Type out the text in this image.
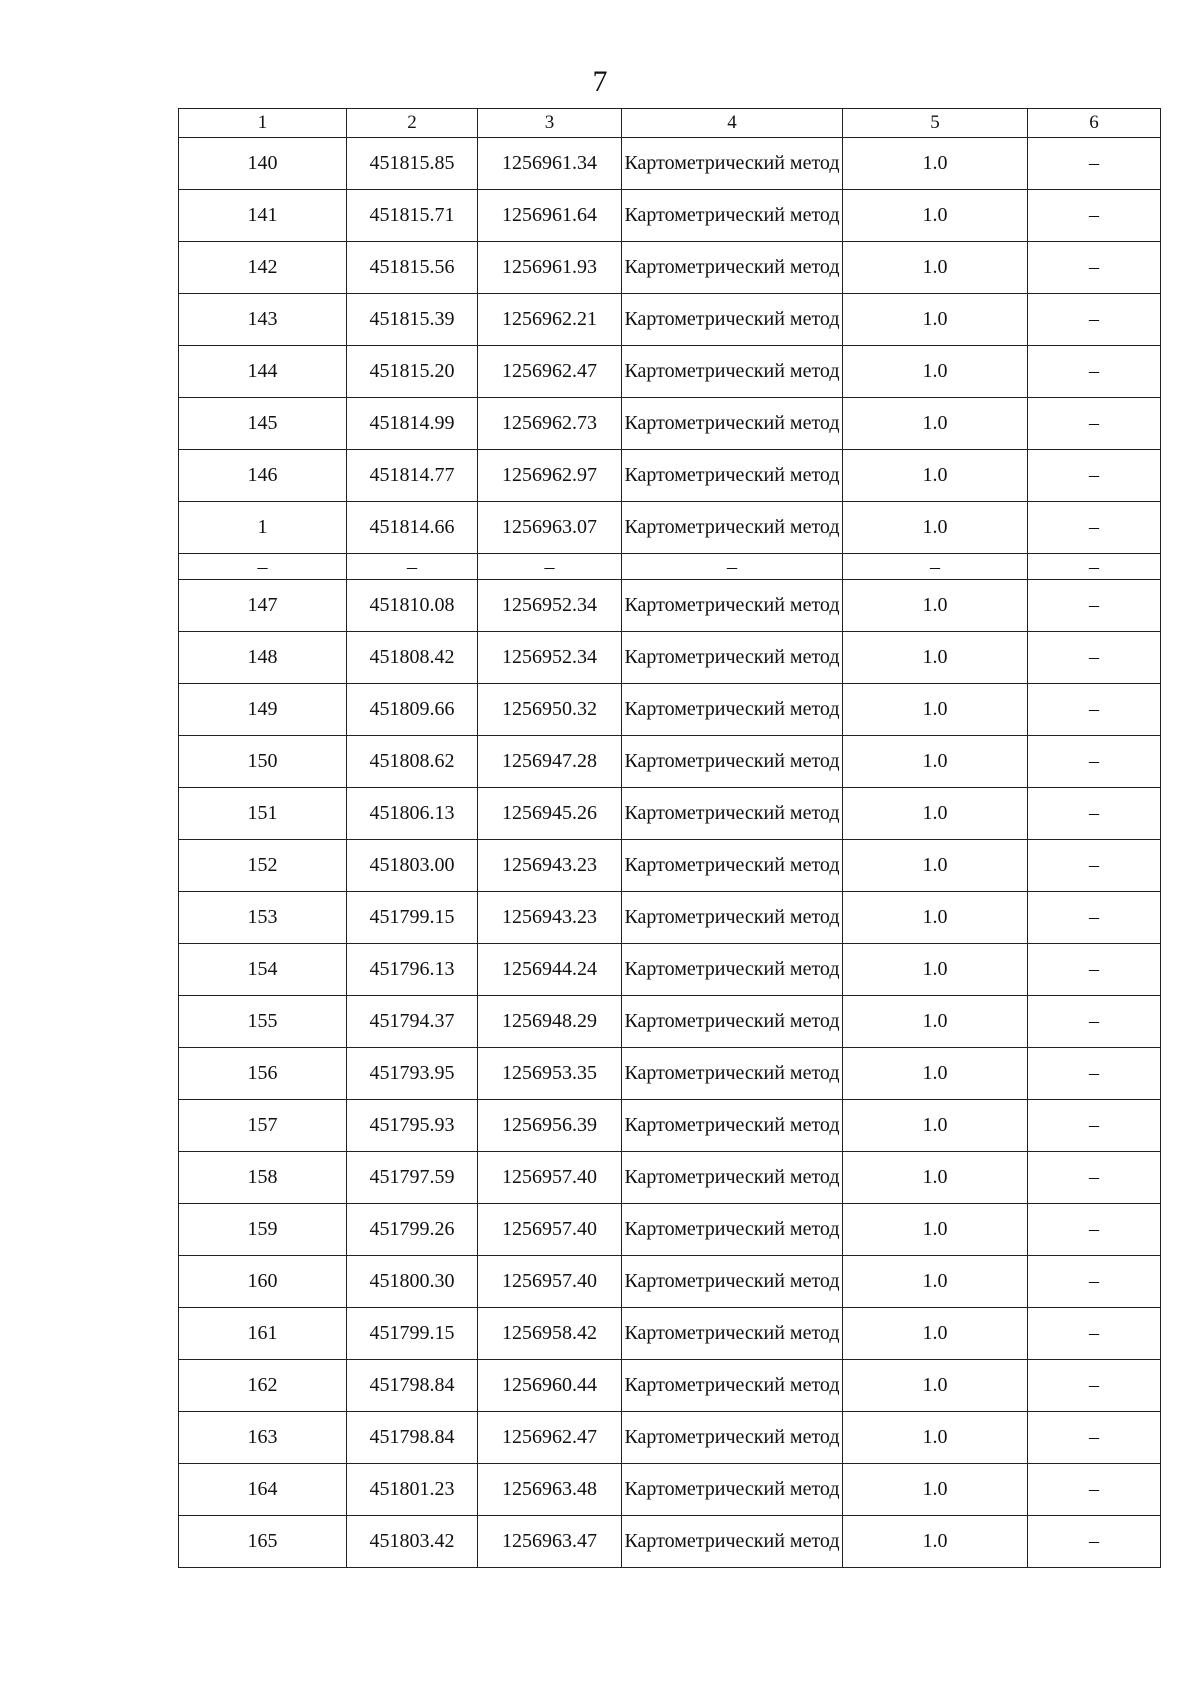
7
1	2	3	4	5	6
140	451815.85	1256961.34	Картометрический метод	1.0	–
141	451815.71	1256961.64	Картометрический метод	1.0	–
142	451815.56	1256961.93	Картометрический метод	1.0	–
143	451815.39	1256962.21	Картометрический метод	1.0	–
144	451815.20	1256962.47	Картометрический метод	1.0	–
145	451814.99	1256962.73	Картометрический метод	1.0	–
146	451814.77	1256962.97	Картометрический метод	1.0	–
1	451814.66	1256963.07	Картометрический метод	1.0	–
–	–	–	–	–	–
147	451810.08	1256952.34	Картометрический метод	1.0	–
148	451808.42	1256952.34	Картометрический метод	1.0	–
149	451809.66	1256950.32	Картометрический метод	1.0	–
150	451808.62	1256947.28	Картометрический метод	1.0	–
151	451806.13	1256945.26	Картометрический метод	1.0	–
152	451803.00	1256943.23	Картометрический метод	1.0	–
153	451799.15	1256943.23	Картометрический метод	1.0	–
154	451796.13	1256944.24	Картометрический метод	1.0	–
155	451794.37	1256948.29	Картометрический метод	1.0	–
156	451793.95	1256953.35	Картометрический метод	1.0	–
157	451795.93	1256956.39	Картометрический метод	1.0	–
158	451797.59	1256957.40	Картометрический метод	1.0	–
159	451799.26	1256957.40	Картометрический метод	1.0	–
160	451800.30	1256957.40	Картометрический метод	1.0	–
161	451799.15	1256958.42	Картометрический метод	1.0	–
162	451798.84	1256960.44	Картометрический метод	1.0	–
163	451798.84	1256962.47	Картометрический метод	1.0	–
164	451801.23	1256963.48	Картометрический метод	1.0	–
165	451803.42	1256963.47	Картометрический метод	1.0	–
